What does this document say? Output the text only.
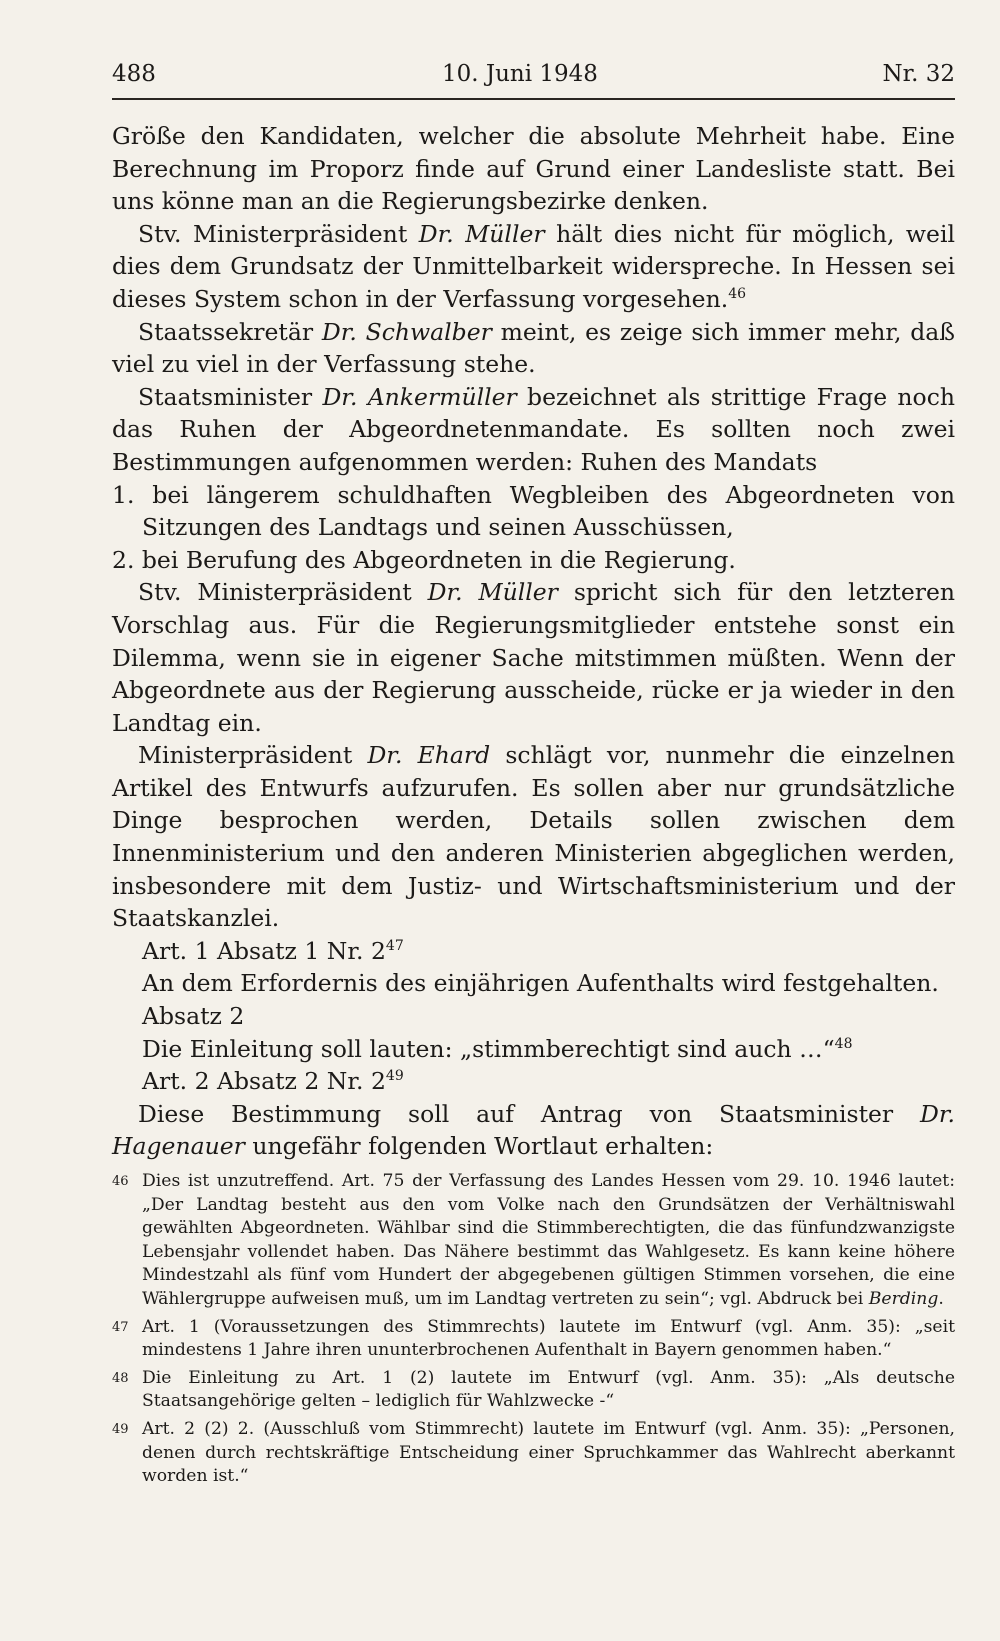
488	10. Juni 1948	Nr. 32

Größe den Kandidaten, welcher die absolute Mehrheit habe. Eine Berechnung im Proporz finde auf Grund einer Landesliste statt. Bei uns könne man an die Regierungsbezirke denken.

Stv. Ministerpräsident Dr. Müller hält dies nicht für möglich, weil dies dem Grundsatz der Unmittelbarkeit widerspreche. In Hessen sei dieses System schon in der Verfassung vorgesehen.$^{46}$

Staatssekretär Dr. Schwalber meint, es zeige sich immer mehr, daß viel zu viel in der Verfassung stehe.

Staatsminister Dr. Ankermüller bezeichnet als strittige Frage noch das Ruhen der Abgeordnetenmandate. Es sollten noch zwei Bestimmungen aufgenommen werden: Ruhen des Mandats

1. bei längerem schuldhaften Wegbleiben des Abgeordneten von Sitzungen des Landtags und seinen Ausschüssen,

2. bei Berufung des Abgeordneten in die Regierung.

Stv. Ministerpräsident Dr. Müller spricht sich für den letzteren Vorschlag aus. Für die Regierungsmitglieder entstehe sonst ein Dilemma, wenn sie in eigener Sache mitstimmen müßten. Wenn der Abgeordnete aus der Regierung ausscheide, rücke er ja wieder in den Landtag ein.

Ministerpräsident Dr. Ehard schlägt vor, nunmehr die einzelnen Artikel des Entwurfs aufzurufen. Es sollen aber nur grundsätzliche Dinge besprochen werden, Details sollen zwischen dem Innenministerium und den anderen Ministerien abgeglichen werden, insbesondere mit dem Justiz- und Wirtschaftsministerium und der Staatskanzlei.

Art. 1 Absatz 1 Nr. 2$^{47}$

An dem Erfordernis des einjährigen Aufenthalts wird festgehalten.

Absatz 2

Die Einleitung soll lauten: „stimmberechtigt sind auch …“$^{48}$

Art. 2 Absatz 2 Nr. 2$^{49}$

Diese Bestimmung soll auf Antrag von Staatsminister Dr. Hagenauer ungefähr folgenden Wortlaut erhalten:

46 Dies ist unzutreffend. Art. 75 der Verfassung des Landes Hessen vom 29. 10. 1946 lautet: „Der Landtag besteht aus den vom Volke nach den Grundsätzen der Verhältniswahl gewählten Abgeordneten. Wählbar sind die Stimmberechtigten, die das fünfundzwanzigste Lebensjahr vollendet haben. Das Nähere bestimmt das Wahlgesetz. Es kann keine höhere Mindestzahl als fünf vom Hundert der abgegebenen gültigen Stimmen vorsehen, die eine Wählergruppe aufweisen muß, um im Landtag vertreten zu sein“; vgl. Abdruck bei Berding.
47 Art. 1 (Voraussetzungen des Stimmrechts) lautete im Entwurf (vgl. Anm. 35): „seit mindestens 1 Jahre ihren ununterbrochenen Aufenthalt in Bayern genommen haben.“
48 Die Einleitung zu Art. 1 (2) lautete im Entwurf (vgl. Anm. 35): „Als deutsche Staatsangehörige gelten – lediglich für Wahlzwecke -“
49 Art. 2 (2) 2. (Ausschluß vom Stimmrecht) lautete im Entwurf (vgl. Anm. 35): „Personen, denen durch rechtskräftige Entscheidung einer Spruchkammer das Wahlrecht aberkannt worden ist.“
